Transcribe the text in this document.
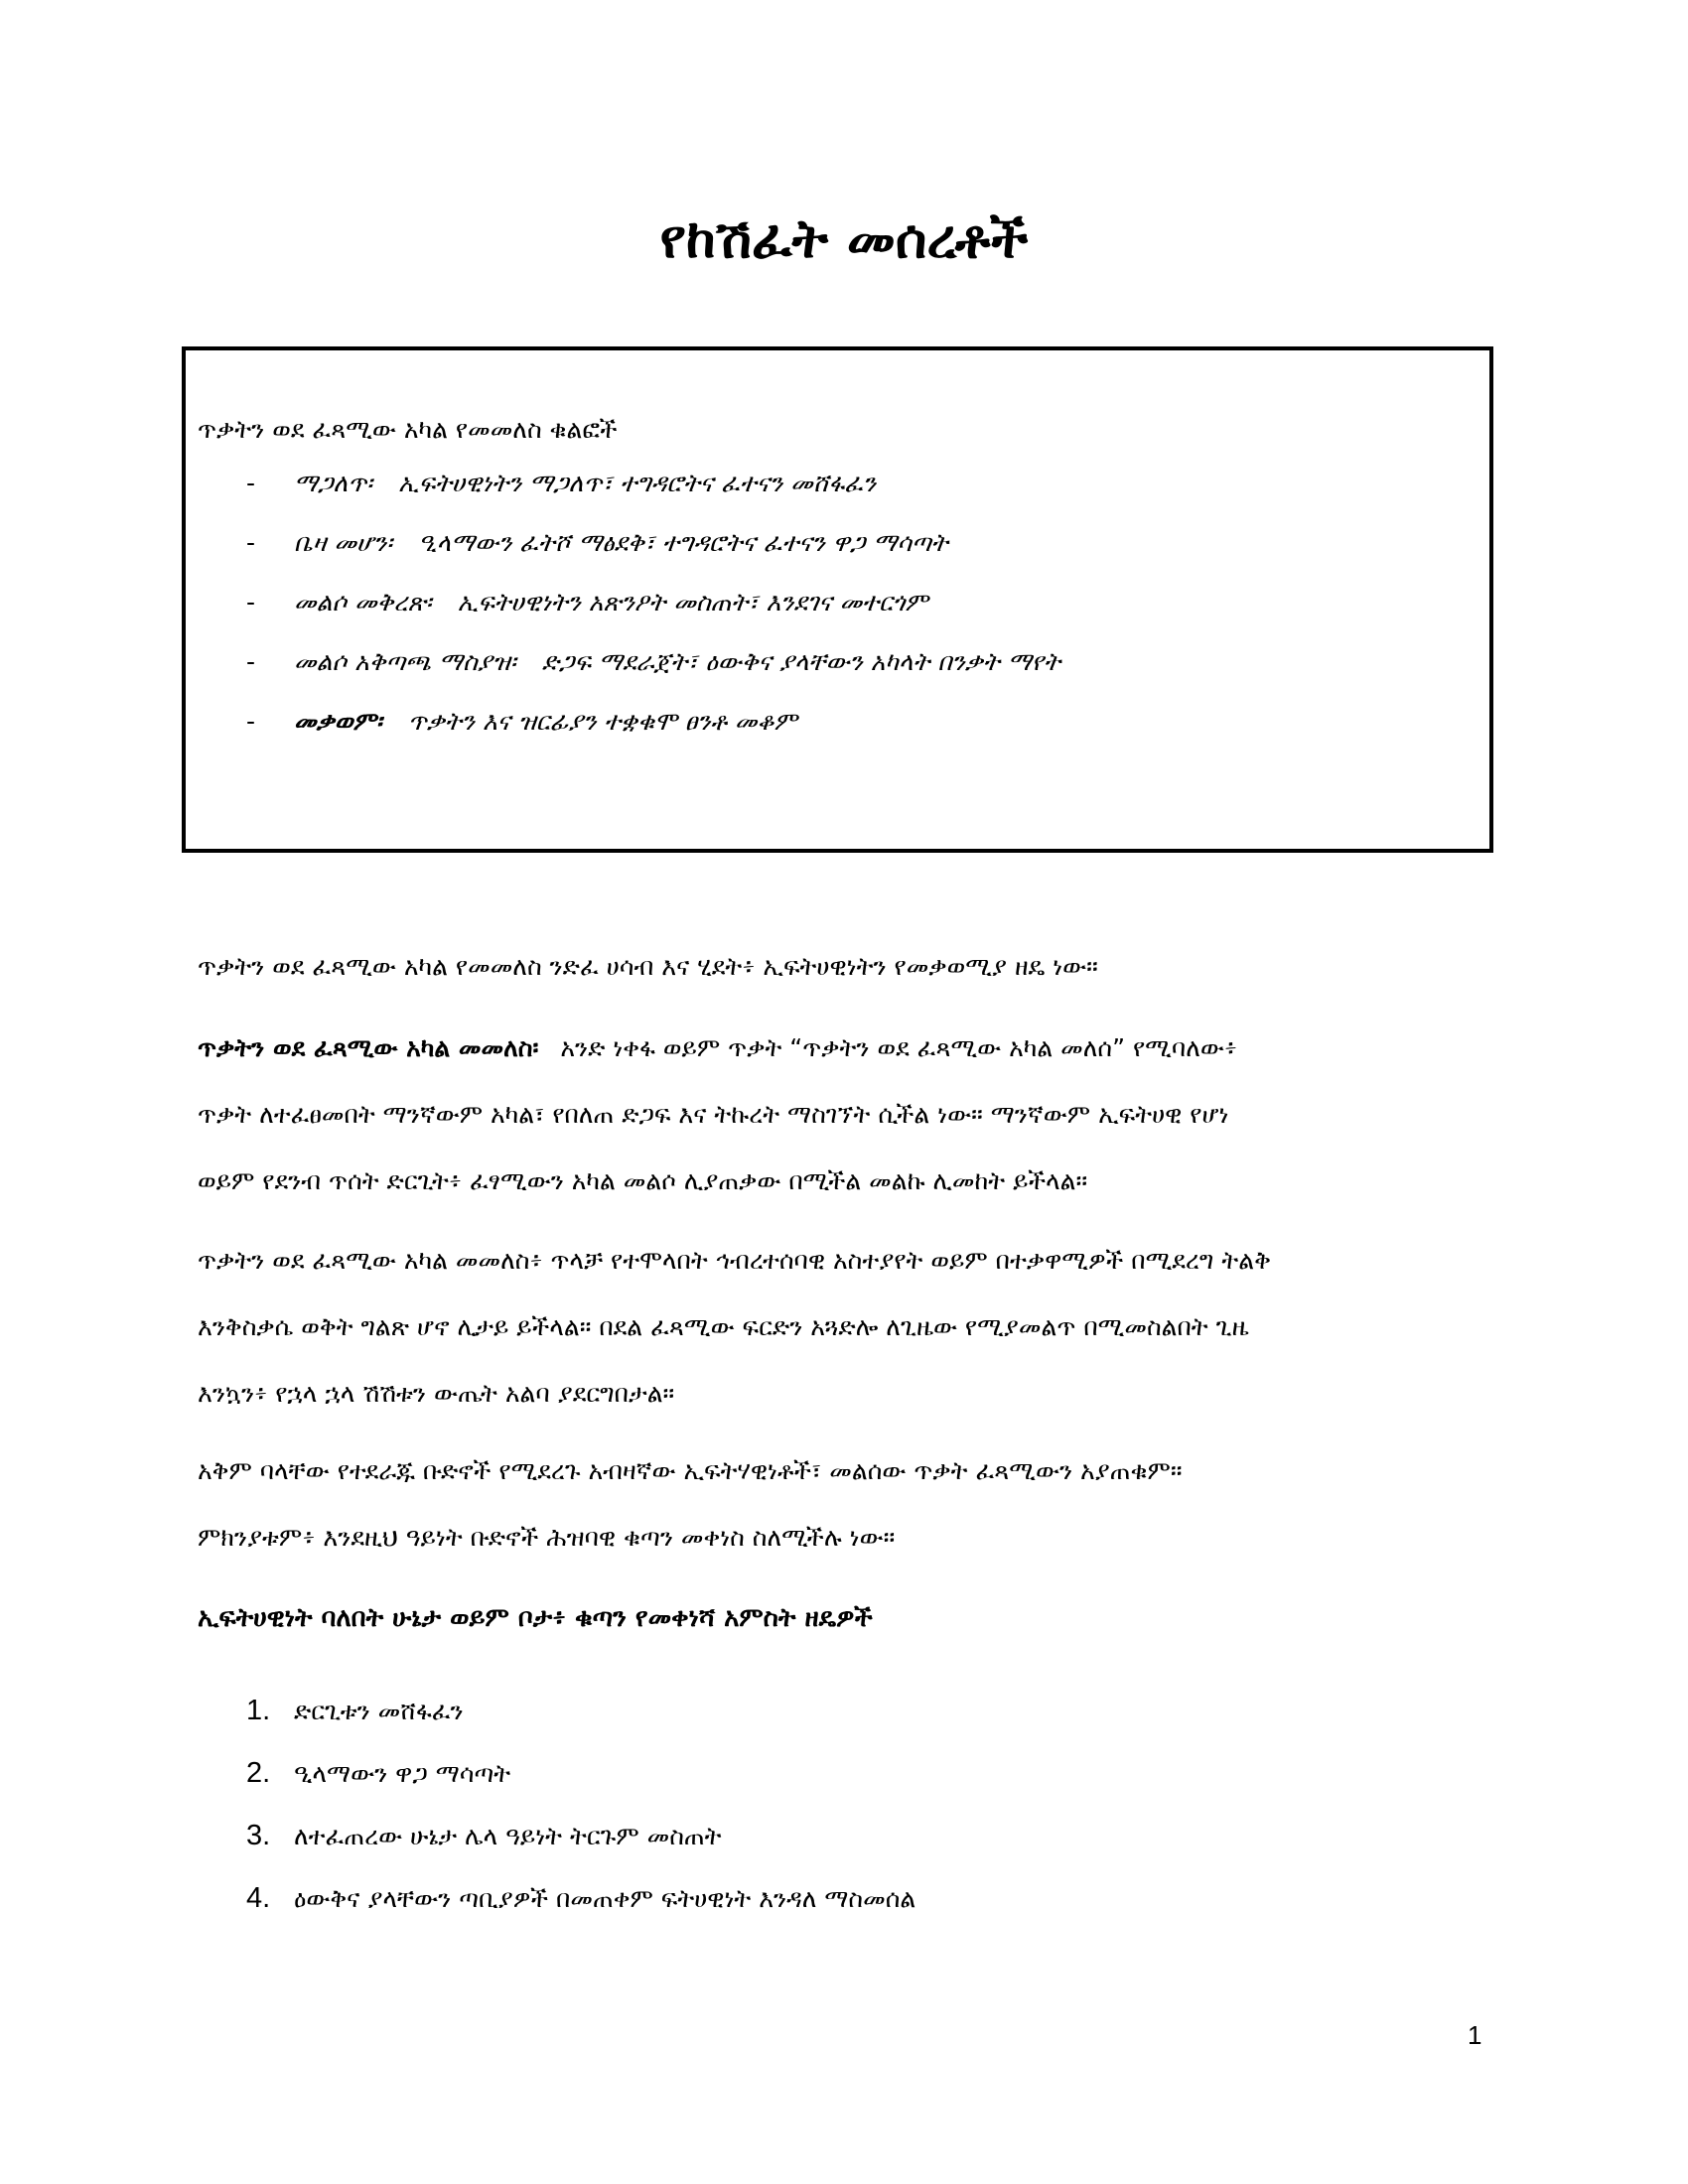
የከሽፈት መሰረቶች
ጥቃትን ወደ ፈጻሚው አካል የመመለስ ቁልፎች
- ማጋለጥ፡ ኢፍትሀዊነትን ማጋለጥ፣ ተግዳሮትና ፈተናን መሸፋፈን
- ቤዛ መሆን፡ ዒላማውን ፈትሾ ማፅደቅ፣ ተግዳሮትና ፈተናን ዋጋ ማሳጣት
- መልሶ መቅረጽ፡ ኢፍትሀዊነትን አጽንዖት መስጠት፣ እንደገና መተርጎም
- መልሶ አቅጣጫ ማስያዝ፡ ድጋፍ ማደራጀት፣ ዕውቅና ያላቸውን አካላት በንቃት ማየት
- መቃወም፡ ጥቃትን እና ዝርፊያን ተቋቁሞ ፀንቶ መቆም

ጥቃትን ወደ ፈጻሚው አካል የመመለስ ንድፈ ሀሳብ እና ሂደት፥ ኢፍትሀዊነትን የመቃወሚያ ዘዴ ነው።

ጥቃትን ወደ ፈጻሚው አካል መመለስ፡ አንድ ነቀፋ ወይም ጥቃት “ጥቃትን ወደ ፈጻሚው አካል መለሰ” የሚባለው፥
ጥቃት ለተፈፀመበት ማንኛውም አካል፣ የበለጠ ድጋፍ እና ትኩረት ማስገኘት ሲችል ነው። ማንኛውም ኢፍትሀዊ የሆነ
ወይም የደንብ ጥሰት ድርጊት፥ ፈፃሚውን አካል መልሶ ሊያጠቃው በሚችል መልኩ ሊመከት ይችላል።

ጥቃትን ወደ ፈጻሚው አካል መመለስ፥ ጥላቻ የተሞላበት ኅብረተሰባዊ አስተያየት ወይም በተቃዋሚዎች በሚደረግ ትልቅ
እንቅስቃሴ ወቅት ግልጽ ሆኖ ሊታይ ይችላል። በደል ፈጻሚው ፍርድን አጓድሎ ለጊዜው የሚያመልጥ በሚመስልበት ጊዜ
እንኳን፥ የኋላ ኋላ ሽሽቱን ውጤት አልባ ያደርግበታል።

አቅም ባላቸው የተደራጁ ቡድኖች የሚደረጉ አብዛኛው ኢፍትሃዊነቶች፣ መልሰው ጥቃት ፈጻሚውን አያጠቁም።
ምክንያቱም፥ እንደዚህ ዓይነት ቡድኖች ሕዝባዊ ቁጣን መቀነስ ስለሚችሉ ነው።

ኢፍትሀዊነት ባለበት ሁኔታ ወይም ቦታ፥ ቁጣን የመቀነሻ አምስት ዘዴዎች
1. ድርጊቱን መሸፋፈን
2. ዒላማውን ዋጋ ማሳጣት
3. ለተፈጠረው ሁኔታ ሌላ ዓይነት ትርጉም መስጠት
4. ዕውቅና ያላቸውን ጣቢያዎች በመጠቀም ፍትሀዊነት እንዳለ ማስመሰል
1
